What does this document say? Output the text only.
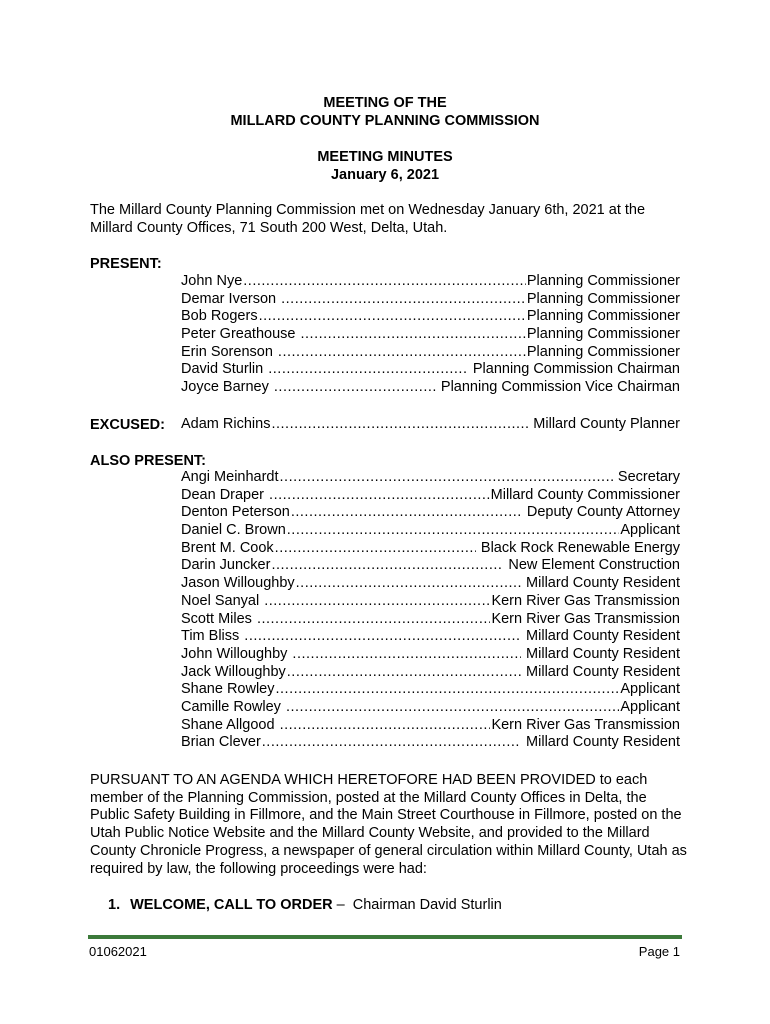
MEETING OF THE
MILLARD COUNTY PLANNING COMMISSION
MEETING MINUTES
January 6, 2021
The Millard County Planning Commission met on Wednesday January 6th, 2021 at the Millard County Offices, 71 South 200 West, Delta, Utah.
PRESENT:
John Nye .....	Planning Commissioner
Demar Iverson .....	Planning Commissioner
Bob Rogers .....	Planning Commissioner
Peter Greathouse .....	Planning Commissioner
Erin Sorenson .....	Planning Commissioner
David Sturlin .....	Planning Commission Chairman
Joyce Barney .....	Planning Commission Vice Chairman
EXCUSED: Adam Richins .....	Millard County Planner
ALSO PRESENT:
Angi Meinhardt .....	Secretary
Dean Draper .....	Millard County Commissioner
Denton Peterson .....	Deputy County Attorney
Daniel C. Brown .....	Applicant
Brent M. Cook .....	Black Rock Renewable Energy
Darin Juncker .....	New Element Construction
Jason Willoughby .....	Millard County Resident
Noel Sanyal .....	Kern River Gas Transmission
Scott Miles .....	Kern River Gas Transmission
Tim Bliss .....	Millard County Resident
John Willoughby .....	Millard County Resident
Jack Willoughby .....	Millard County Resident
Shane Rowley .....	Applicant
Camille Rowley .....	Applicant
Shane Allgood .....	Kern River Gas Transmission
Brian Clever .....	Millard County Resident
PURSUANT TO AN AGENDA WHICH HERETOFORE HAD BEEN PROVIDED to each member of the Planning Commission, posted at the Millard County Offices in Delta, the Public Safety Building in Fillmore, and the Main Street Courthouse in Fillmore, posted on the Utah Public Notice Website and the Millard County Website, and provided to the Millard County Chronicle Progress, a newspaper of general circulation within Millard County, Utah as required by law, the following proceedings were had:
1. WELCOME, CALL TO ORDER –  Chairman David Sturlin
01062021	Page 1
